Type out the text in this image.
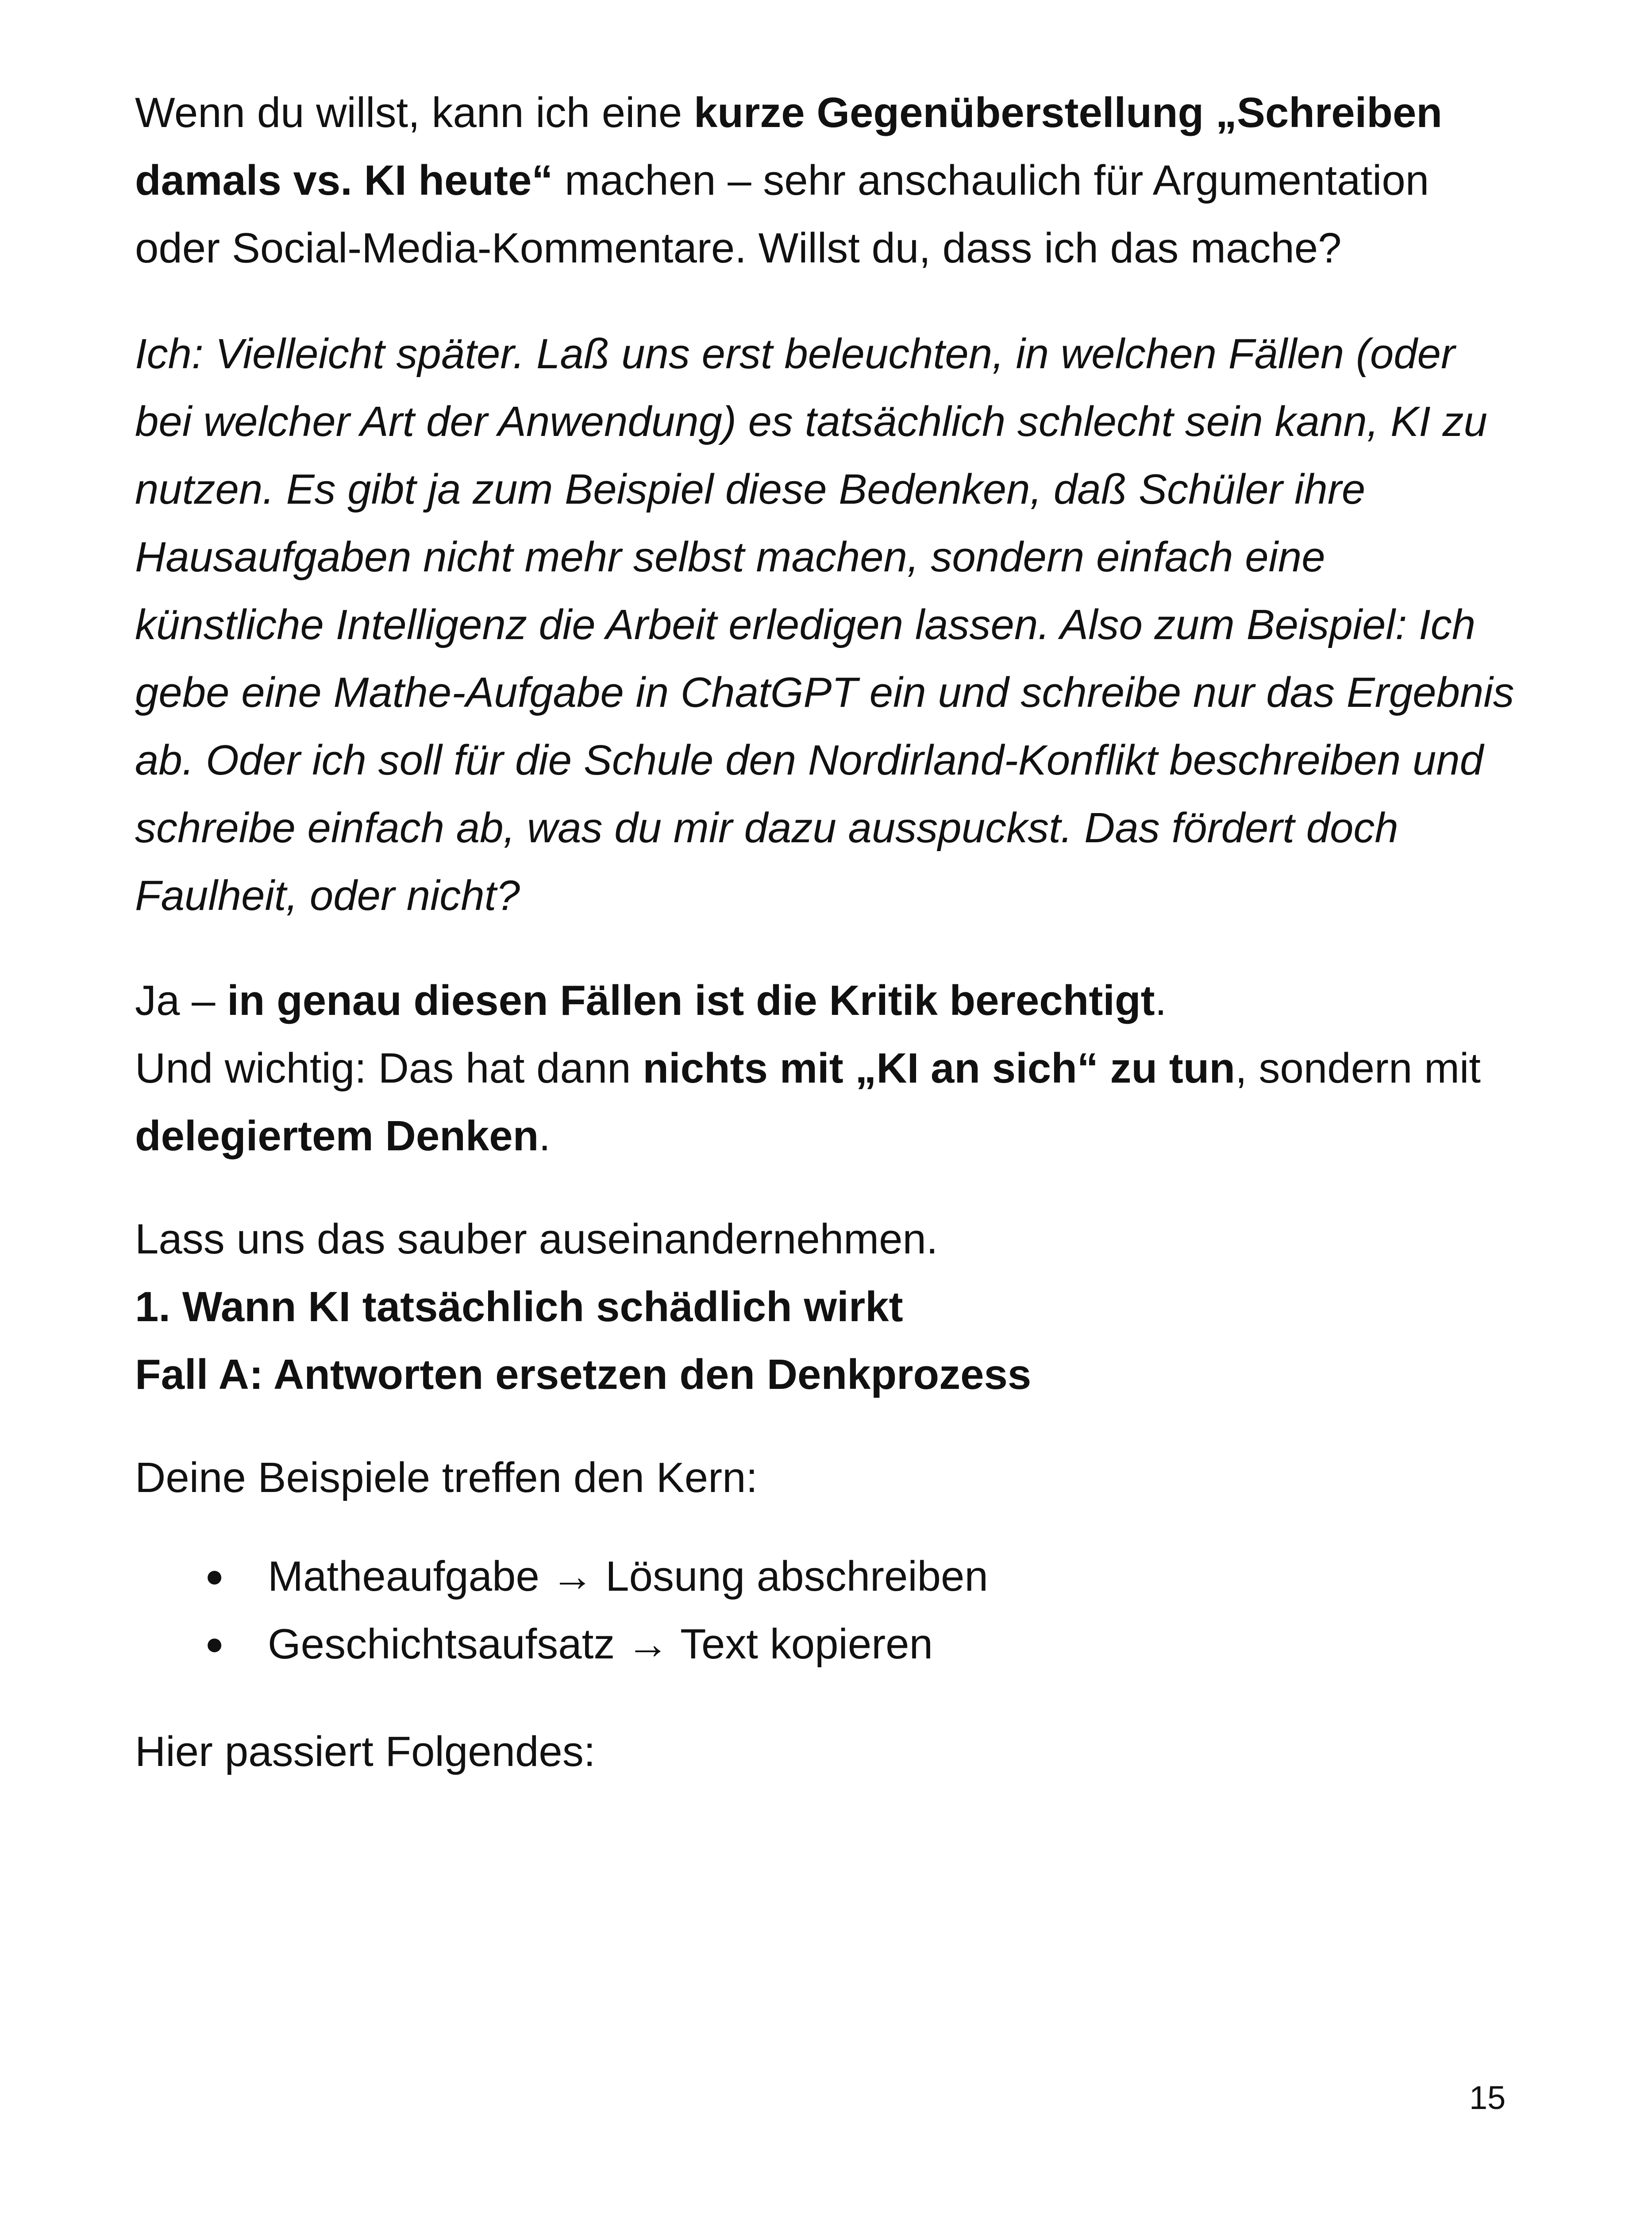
Wenn du willst, kann ich eine kurze Gegenüberstellung „Schreiben damals vs. KI heute“ machen – sehr anschaulich für Argumentation oder Social-Media-Kommentare. Willst du, dass ich das mache?

Ich: Vielleicht später. Laß uns erst beleuchten, in welchen Fällen (oder bei welcher Art der Anwendung) es tatsächlich schlecht sein kann, KI zu nutzen. Es gibt ja zum Beispiel diese Bedenken, daß Schüler ihre Hausaufgaben nicht mehr selbst machen, sondern einfach eine künstliche Intelligenz die Arbeit erledigen lassen. Also zum Beispiel: Ich gebe eine Mathe-Aufgabe in ChatGPT ein und schreibe nur das Ergebnis ab. Oder ich soll für die Schule den Nordirland-Konflikt beschreiben und schreibe einfach ab, was du mir dazu ausspuckst. Das fördert doch Faulheit, oder nicht?

Ja – in genau diesen Fällen ist die Kritik berechtigt.
Und wichtig: Das hat dann nichts mit „KI an sich“ zu tun, sondern mit delegiertem Denken.

Lass uns das sauber auseinandernehmen.

1. Wann KI tatsächlich schädlich wirkt

Fall A: Antworten ersetzen den Denkprozess

Deine Beispiele treffen den Kern:

● Matheaufgabe → Lösung abschreiben
● Geschichtsaufsatz → Text kopieren

Hier passiert Folgendes:

15
